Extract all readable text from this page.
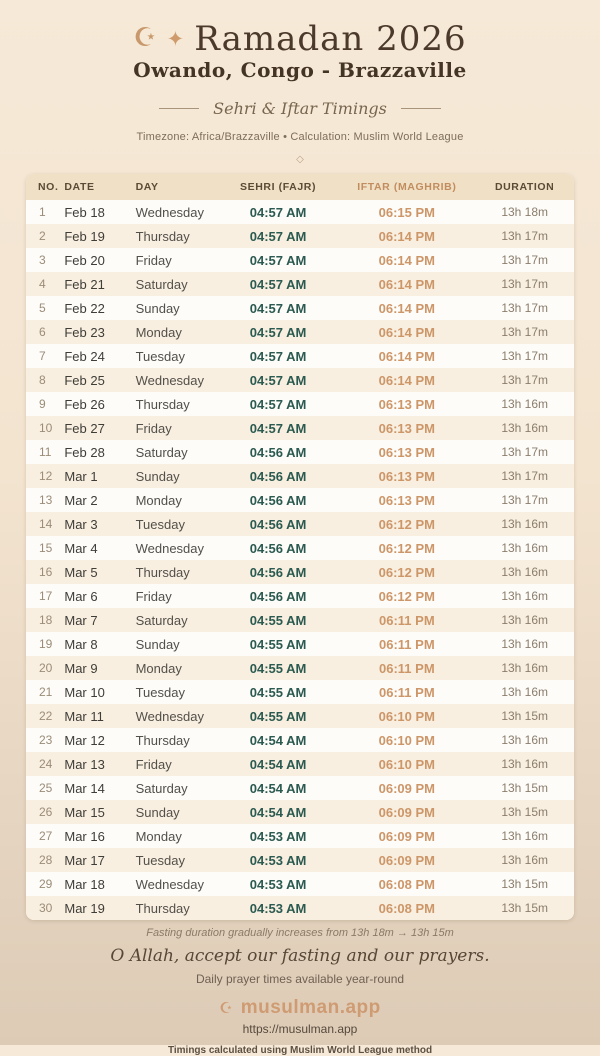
☪ ✦ Ramadan 2026
Owando, Congo - Brazzaville
Sehri & Iftar Timings
Timezone: Africa/Brazzaville • Calculation: Muslim World League
◇
NO.	DATE	DAY	SEHRI (FAJR)	IFTAR (MAGHRIB)	DURATION
1	Feb 18	Wednesday	04:57 AM	06:15 PM	13h 18m
2	Feb 19	Thursday	04:57 AM	06:14 PM	13h 17m
3	Feb 20	Friday	04:57 AM	06:14 PM	13h 17m
4	Feb 21	Saturday	04:57 AM	06:14 PM	13h 17m
5	Feb 22	Sunday	04:57 AM	06:14 PM	13h 17m
6	Feb 23	Monday	04:57 AM	06:14 PM	13h 17m
7	Feb 24	Tuesday	04:57 AM	06:14 PM	13h 17m
8	Feb 25	Wednesday	04:57 AM	06:14 PM	13h 17m
9	Feb 26	Thursday	04:57 AM	06:13 PM	13h 16m
10	Feb 27	Friday	04:57 AM	06:13 PM	13h 16m
11	Feb 28	Saturday	04:56 AM	06:13 PM	13h 17m
12	Mar 1	Sunday	04:56 AM	06:13 PM	13h 17m
13	Mar 2	Monday	04:56 AM	06:13 PM	13h 17m
14	Mar 3	Tuesday	04:56 AM	06:12 PM	13h 16m
15	Mar 4	Wednesday	04:56 AM	06:12 PM	13h 16m
16	Mar 5	Thursday	04:56 AM	06:12 PM	13h 16m
17	Mar 6	Friday	04:56 AM	06:12 PM	13h 16m
18	Mar 7	Saturday	04:55 AM	06:11 PM	13h 16m
19	Mar 8	Sunday	04:55 AM	06:11 PM	13h 16m
20	Mar 9	Monday	04:55 AM	06:11 PM	13h 16m
21	Mar 10	Tuesday	04:55 AM	06:11 PM	13h 16m
22	Mar 11	Wednesday	04:55 AM	06:10 PM	13h 15m
23	Mar 12	Thursday	04:54 AM	06:10 PM	13h 16m
24	Mar 13	Friday	04:54 AM	06:10 PM	13h 16m
25	Mar 14	Saturday	04:54 AM	06:09 PM	13h 15m
26	Mar 15	Sunday	04:54 AM	06:09 PM	13h 15m
27	Mar 16	Monday	04:53 AM	06:09 PM	13h 16m
28	Mar 17	Tuesday	04:53 AM	06:09 PM	13h 16m
29	Mar 18	Wednesday	04:53 AM	06:08 PM	13h 15m
30	Mar 19	Thursday	04:53 AM	06:08 PM	13h 15m
Fasting duration gradually increases from 13h 18m → 13h 15m
O Allah, accept our fasting and our prayers.
Daily prayer times available year-round
☪ musulman.app
https://musulman.app
Timings calculated using Muslim World League method
